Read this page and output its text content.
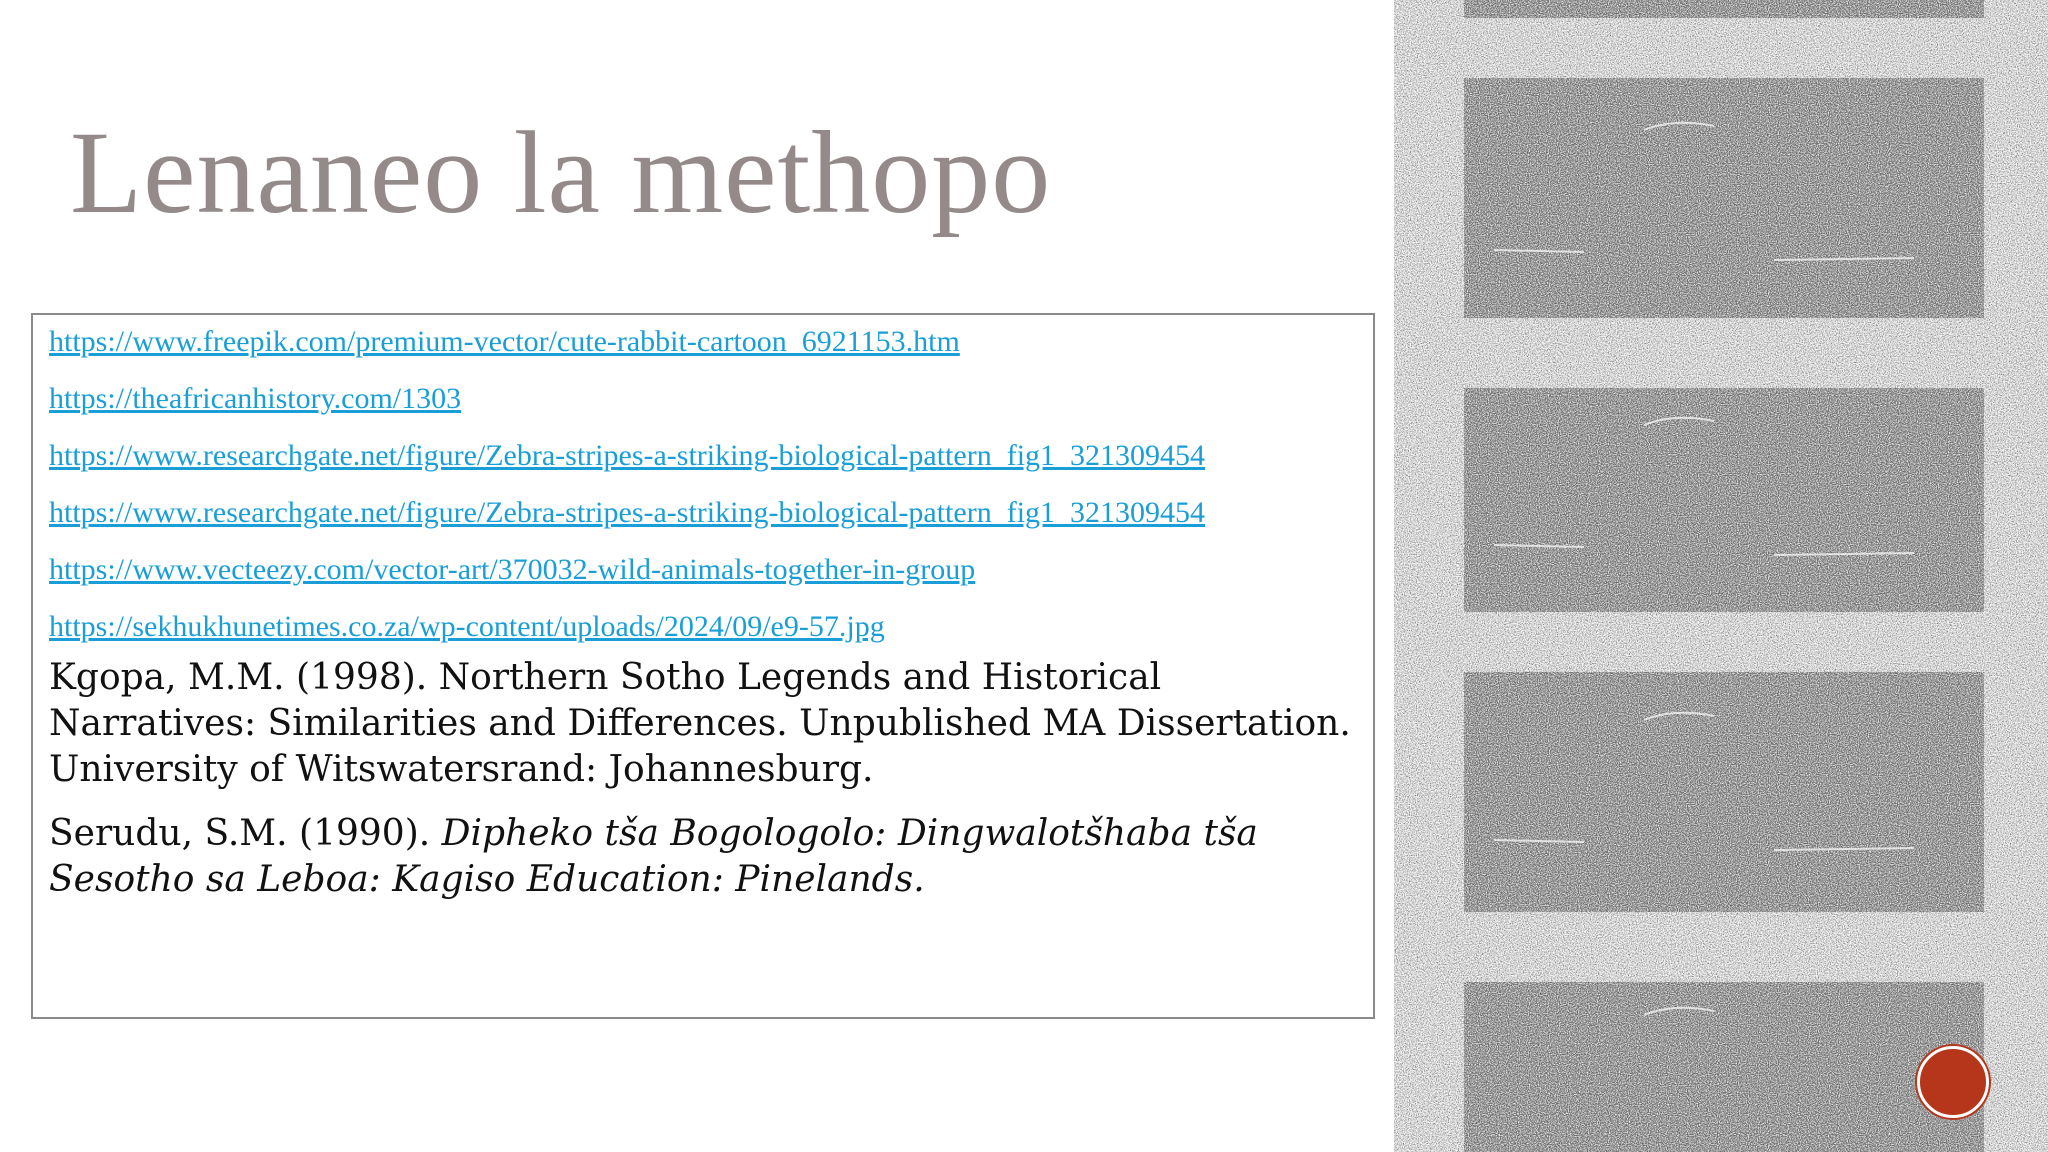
Lenaneo la methopo
https://www.freepik.com/premium-vector/cute-rabbit-cartoon_6921153.htm
https://theafricanhistory.com/1303
https://www.researchgate.net/figure/Zebra-stripes-a-striking-biological-pattern_fig1_321309454
https://www.researchgate.net/figure/Zebra-stripes-a-striking-biological-pattern_fig1_321309454
https://www.vecteezy.com/vector-art/370032-wild-animals-together-in-group
https://sekhukhunetimes.co.za/wp-content/uploads/2024/09/e9-57.jpg

Kgopa, M.M. (1998). Northern Sotho Legends and Historical Narratives: Similarities and Differences. Unpublished MA Dissertation. University of Witswatersrand: Johannesburg.

Serudu, S.M. (1990). Dipheko tša Bogologolo: Dingwalotšhaba tša Sesotho sa Leboa: Kagiso Education: Pinelands.
